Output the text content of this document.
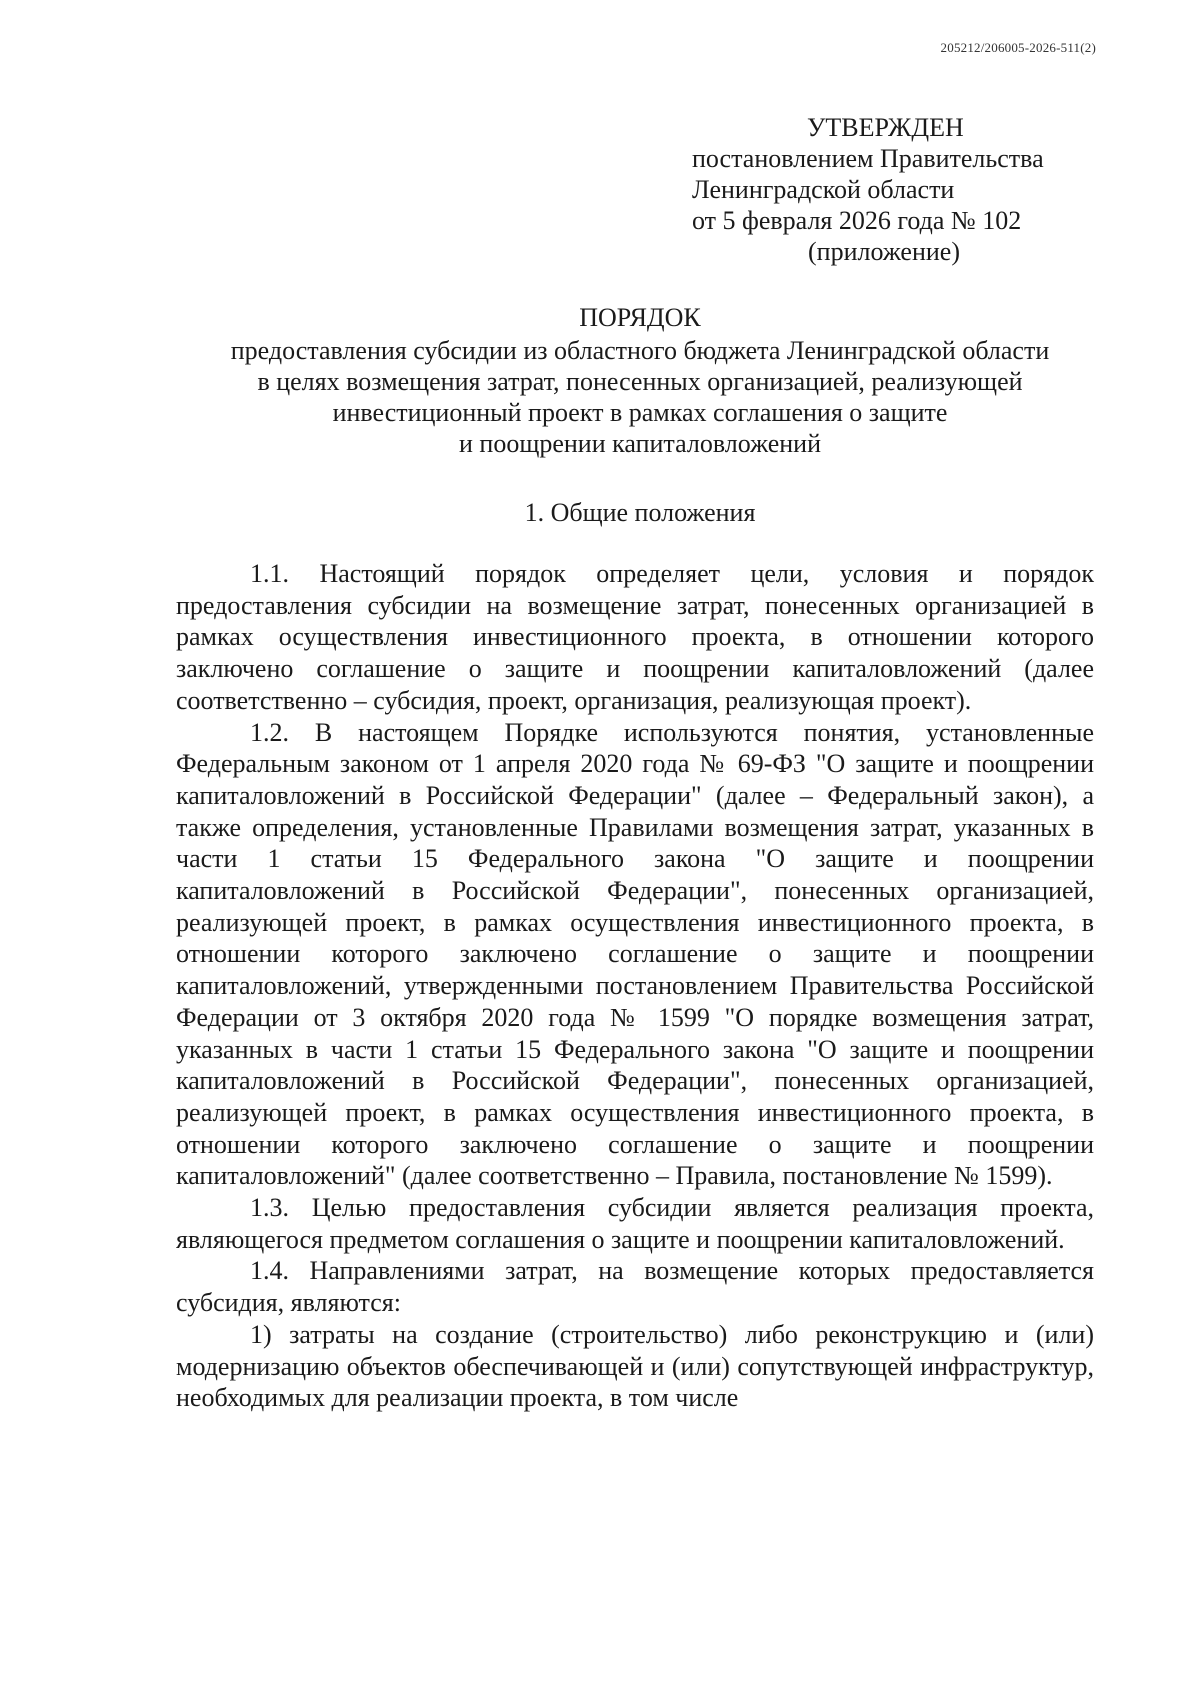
205212/206005-2026-511(2)
УТВЕРЖДЕН
постановлением Правительства
Ленинградской области
от 5 февраля 2026 года № 102
(приложение)
ПОРЯДОК
предоставления субсидии из областного бюджета Ленинградской области
в целях возмещения затрат, понесенных организацией, реализующей
инвестиционный проект в рамках соглашения о защите
и поощрении капиталовложений
1. Общие положения

1.1. Настоящий порядок определяет цели, условия и порядок предоставления субсидии на возмещение затрат, понесенных организацией в рамках осуществления инвестиционного проекта, в отношении которого заключено соглашение о защите и поощрении капиталовложений (далее соответственно – субсидия, проект, организация, реализующая проект).

1.2. В настоящем Порядке используются понятия, установленные Федеральным законом от 1 апреля 2020 года № 69-ФЗ "О защите и поощрении капиталовложений в Российской Федерации" (далее – Федеральный закон), а также определения, установленные Правилами возмещения затрат, указанных в части 1 статьи 15 Федерального закона "О защите и поощрении капиталовложений в Российской Федерации", понесенных организацией, реализующей проект, в рамках осуществления инвестиционного проекта, в отношении которого заключено соглашение о защите и поощрении капиталовложений, утвержденными постановлением Правительства Российской Федерации от 3 октября 2020 года № 1599 "О порядке возмещения затрат, указанных в части 1 статьи 15 Федерального закона "О защите и поощрении капиталовложений в Российской Федерации", понесенных организацией, реализующей проект, в рамках осуществления инвестиционного проекта, в отношении которого заключено соглашение о защите и поощрении капиталовложений" (далее соответственно – Правила, постановление № 1599).

1.3. Целью предоставления субсидии является реализация проекта, являющегося предметом соглашения о защите и поощрении капиталовложений.

1.4. Направлениями затрат, на возмещение которых предоставляется субсидия, являются:

1) затраты на создание (строительство) либо реконструкцию и (или) модернизацию объектов обеспечивающей и (или) сопутствующей инфраструктур, необходимых для реализации проекта, в том числе
